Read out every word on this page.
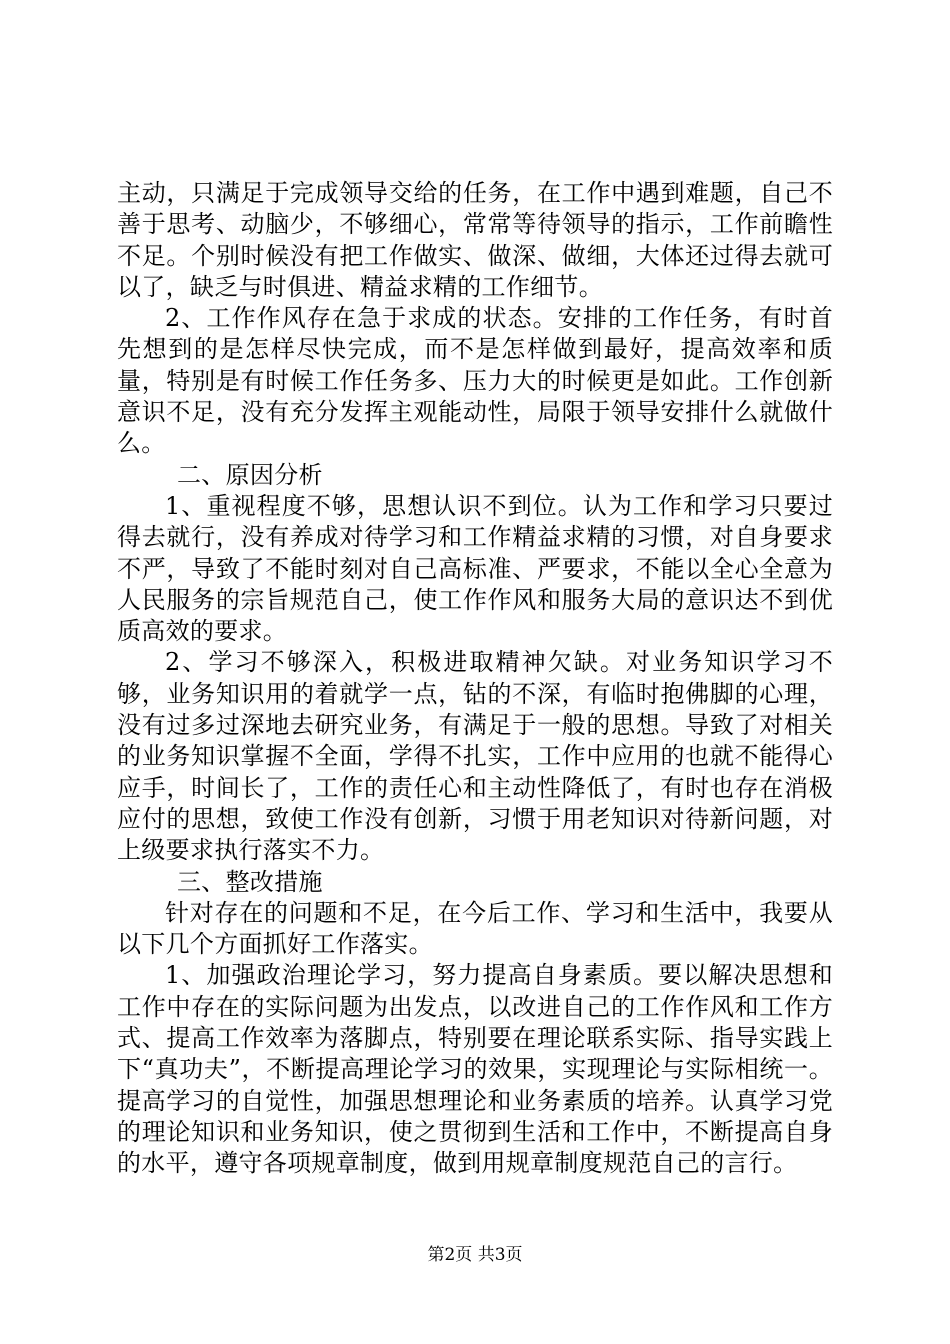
主动，只满足于完成领导交给的任务，在工作中遇到难题，自己不善于思考、动脑少，不够细心，常常等待领导的指示，工作前瞻性不足。个别时候没有把工作做实、做深、做细，大体还过得去就可以了，缺乏与时俱进、精益求精的工作细节。

2、工作作风存在急于求成的状态。安排的工作任务，有时首先想到的是怎样尽快完成，而不是怎样做到最好，提高效率和质量，特别是有时候工作任务多、压力大的时候更是如此。工作创新意识不足，没有充分发挥主观能动性，局限于领导安排什么就做什么。

二、原因分析

1、重视程度不够，思想认识不到位。认为工作和学习只要过得去就行，没有养成对待学习和工作精益求精的习惯，对自身要求不严，导致了不能时刻对自己高标准、严要求，不能以全心全意为人民服务的宗旨规范自己，使工作作风和服务大局的意识达不到优质高效的要求。

2、学习不够深入，积极进取精神欠缺。对业务知识学习不够，业务知识用的着就学一点，钻的不深，有临时抱佛脚的心理，没有过多过深地去研究业务，有满足于一般的思想。导致了对相关的业务知识掌握不全面，学得不扎实，工作中应用的也就不能得心应手，时间长了，工作的责任心和主动性降低了，有时也存在消极应付的思想，致使工作没有创新，习惯于用老知识对待新问题，对上级要求执行落实不力。

三、整改措施

针对存在的问题和不足，在今后工作、学习和生活中，我要从以下几个方面抓好工作落实。

1、加强政治理论学习，努力提高自身素质。要以解决思想和工作中存在的实际问题为出发点，以改进自己的工作作风和工作方式、提高工作效率为落脚点，特别要在理论联系实际、指导实践上下“真功夫”，不断提高理论学习的效果，实现理论与实际相统一。提高学习的自觉性，加强思想理论和业务素质的培养。认真学习党的理论知识和业务知识，使之贯彻到生活和工作中，不断提高自身的水平，遵守各项规章制度，做到用规章制度规范自己的言行。

第2页 共3页
